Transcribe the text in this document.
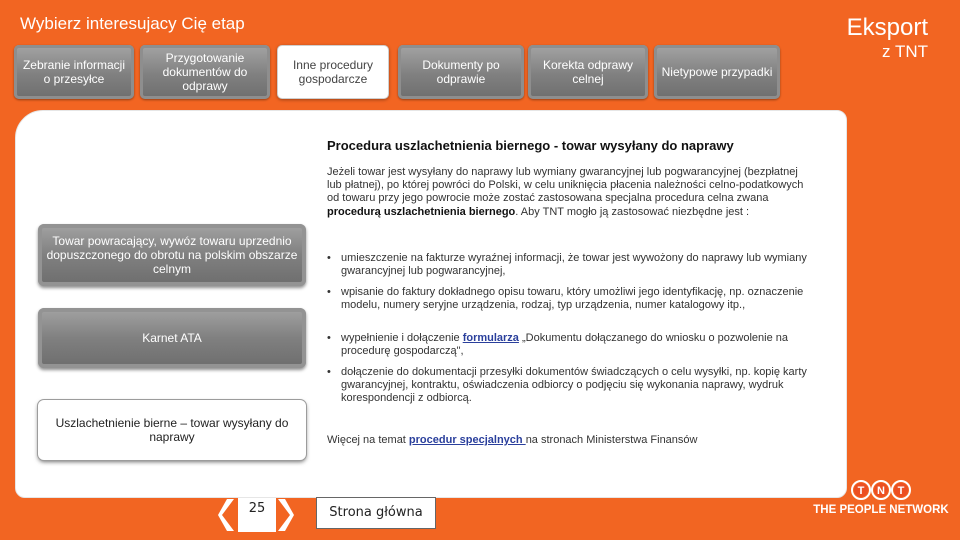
Wybierz interesujacy Cię etap	Eksport
z TNT
Zebranie informacji o przesyłce
Przygotowanie dokumentów do odprawy
Inne procedury gospodarcze
Dokumenty po odprawie
Korekta odprawy celnej	Nietypowe przypadki
Towar powracający, wywóz towaru uprzednio dopuszczonego do obrotu na polskim obszarze celnym
Karnet ATA
Uszlachetnienie bierne – towar wysyłany do naprawy
Procedura uszlachetnienia biernego - towar wysyłany do naprawy
Jeżeli towar jest wysyłany do naprawy lub wymiany gwarancyjnej lub pogwarancyjnej (bezpłatnej lub płatnej), po której powróci do Polski, w celu uniknięcia płacenia należności celno-podatkowych od towaru przy jego powrocie może zostać zastosowana specjalna procedura celna zwana procedurą uszlachetnienia biernego. Aby TNT mogło ją zastosować niezbędne jest :
• umieszczenie na fakturze wyraźnej informacji, że towar jest wywożony do naprawy lub wymiany gwarancyjnej lub pogwarancyjnej,
• wpisanie do faktury dokładnego opisu towaru, który umożliwi jego identyfikację, np. oznaczenie modelu, numery seryjne urządzenia, rodzaj, typ urządzenia, numer katalogowy itp.,
• wypełnienie i dołączenie formularza „Dokumentu dołączanego do wniosku o pozwolenie na procedurę gospodarczą",
• dołączenie do dokumentacji przesyłki dokumentów świadczących o celu wysyłki, np. kopię karty gwarancyjnej, kontraktu, oświadczenia odbiorcy o podjęciu się wykonania naprawy, wydruk korespondencji z odbiorcą.
Więcej na temat procedur specjalnych na stronach Ministerstwa Finansów
25	Strona główna
T N T
THE PEOPLE NETWORK
